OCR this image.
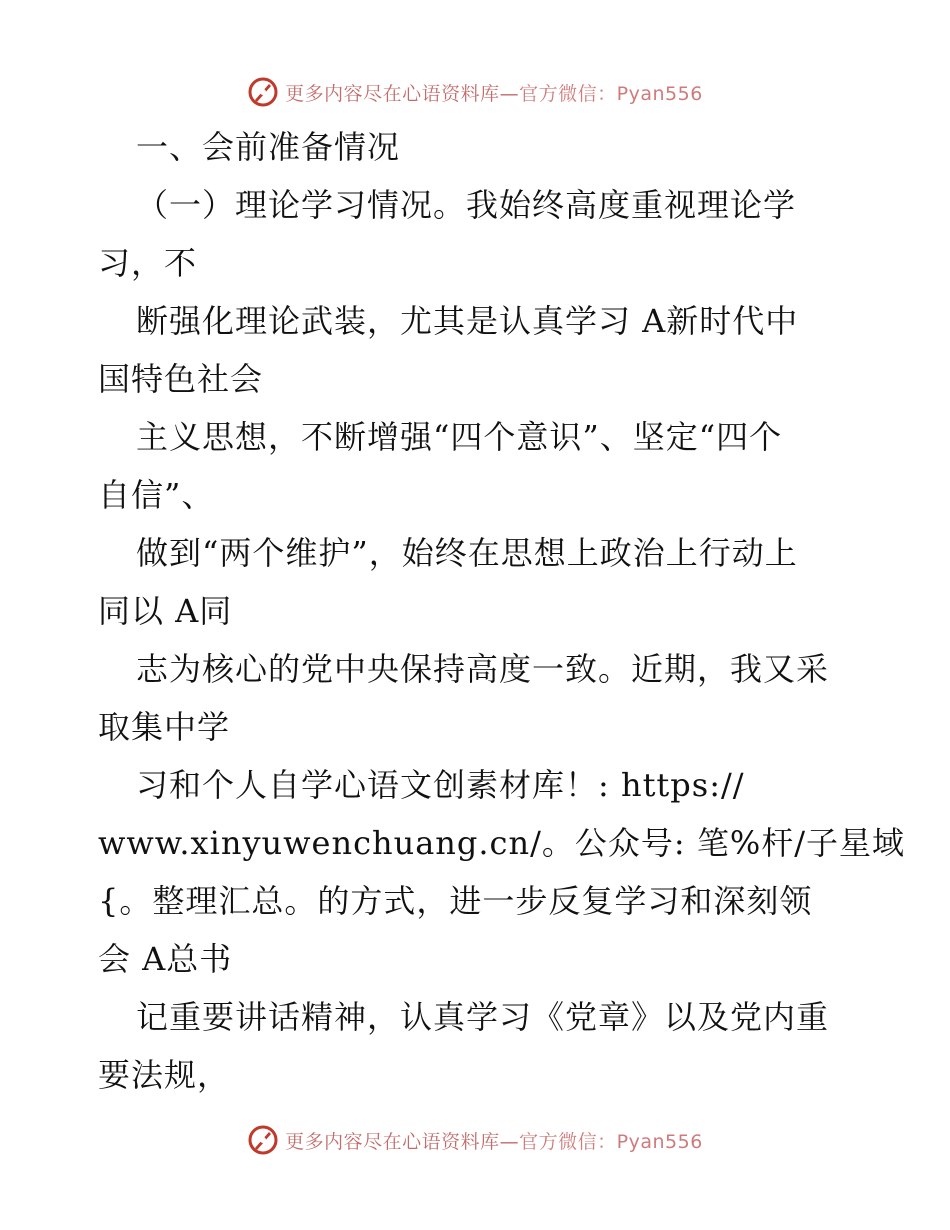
更多内容尽在心语资料库—官方微信：Pyan556
一、会前准备情况
（一）理论学习情况。我始终高度重视理论学
习，不
断强化理论武装，尤其是认真学习 A新时代中
国特色社会
主义思想，不断增强“四个意识”、坚定“四个
自信”、
做到“两个维护”，始终在思想上政治上行动上
同以 A同
志为核心的党中央保持高度一致。近期，我又采
取集中学
习和个人自学心语文创素材库！: https://
www.xinyuwenchuang.cn/。公众号: 笔%杆/子星域
{。整理汇总。的方式，进一步反复学习和深刻领
会 A总书
记重要讲话精神，认真学习《党章》以及党内重
要法规，
更多内容尽在心语资料库—官方微信：Pyan556
